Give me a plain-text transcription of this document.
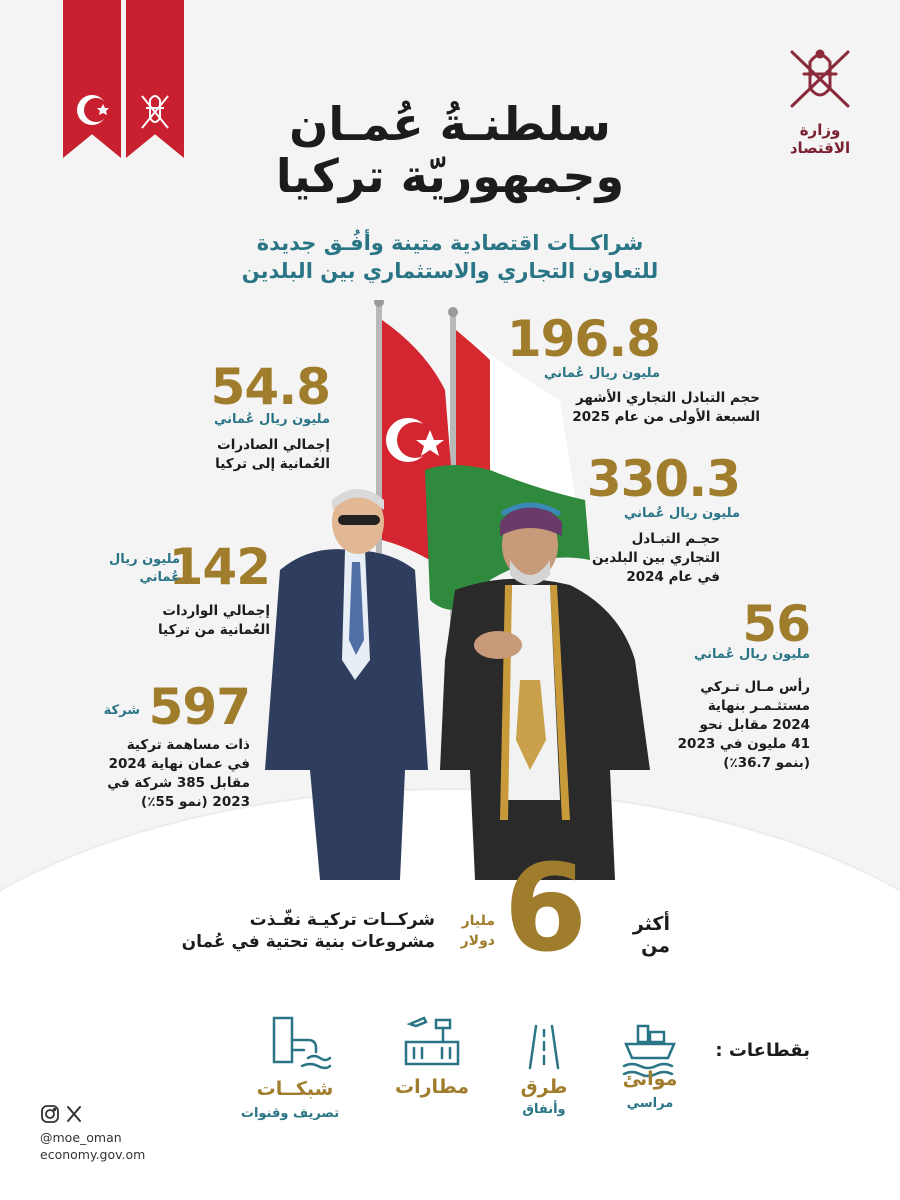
وزارة الاقتصاد
سلطنـةُ عُمـان
وجمهوريّة تركيا
شراكــات اقتصادية متينة وأفُـق جديدة
للتعاون التجاري والاستثماري بين البلدين
196.8
مليون ريال عُماني
حجم التبادل التجاري الأشهر
السبعة الأولى من عام 2025
330.3
مليون ريال عُماني
حجـم التبـادل
التجاري بين البلدين
في عام 2024
56
مليون ريال عُماني
رأس مـال تـركي
مستثـمـر بنهاية
2024 مقابل نحو
41 مليون في 2023
(بنمو 36.7٪)
54.8
مليون ريال عُماني
إجمالي الصادرات
العُمانية إلى تركيا
142
مليون ريال
عُماني
إجمالي الواردات
العُمانية من تركيا
597
شركة
ذات مساهمة تركية
في عمان نهاية 2024
مقابل 385 شركة في
2023 (نمو 55٪)
أكثر من
6
مليار
دولار
شركــات تركيـة نفّـذت
مشروعات بنية تحتية في عُمان
بقطاعات :
موانئ
مراسي
طرق
وأنفاق
مطارات
شبكــات
تصريف وقنوات
@moe_oman
economy.gov.om
